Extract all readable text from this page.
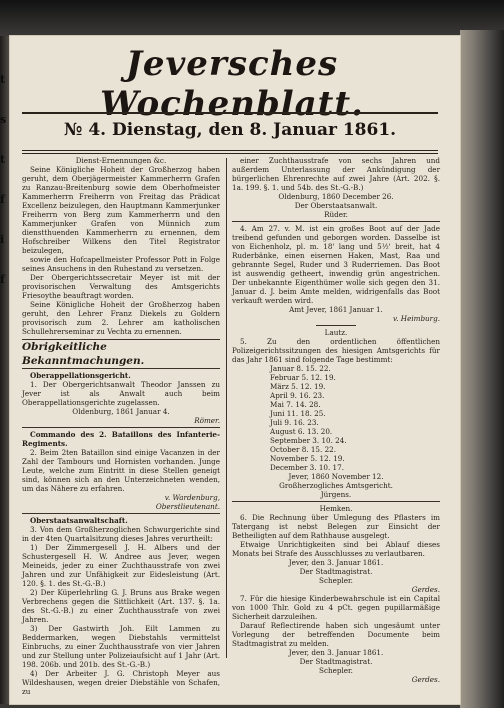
t
s
t
f
i
f
Jeversches Wochenblatt.
№ 4. Dienstag, den 8. Januar 1861.

Dienst-Ernennungen &c.

Seine Königliche Hoheit der Großherzog haben geruht, dem Oberjägermeister Kammerherrn Grafen zu Ranzau-Breitenburg sowie dem Oberhofmeister Kammerherrn Freiherrn von Freitag das Prädicat Excellenz beizulegen, den Hauptmann Kammerjunker Freiherrn von Berg zum Kammerherrn und den Kammerjunker Grafen von Münnich zum dienstthuenden Kammerherrn zu ernennen, dem Hofschreiber Wilkens den Titel Registrator beizulegen,

sowie den Hofcapellmeister Professor Pott in Folge seines Ansuchens in den Ruhestand zu versetzen.

Der Obergerichtssecretair Meyer ist mit der provisorischen Verwaltung des Amtsgerichts Friesoythe beauftragt worden.

Seine Königliche Hoheit der Großherzog haben geruht, den Lehrer Franz Diekels zu Goldern provisorisch zum 2. Lehrer am katholischen Schullehrerseminar zu Vechta zu ernennen.

Obrigkeitliche Bekanntmachungen.

Oberappellationsgericht.

1. Der Obergerichtsanwalt Theodor Janssen zu Jever ist als Anwalt auch beim Oberappellationsgerichte zugelassen.

Oldenburg, 1861 Januar 4.

Römer.

Commando des 2. Bataillons des Infanterie-Regiments.

2. Beim 2ten Bataillon sind einige Vacanzen in der Zahl der Tambours und Hornisten vorhanden. Junge Leute, welche zum Eintritt in diese Stellen geneigt sind, können sich an den Unterzeichneten wenden, um das Nähere zu erfahren.

v. Wardenburg,

Oberstlieutenant.

Oberstaatsanwaltschaft.

3. Von dem Großherzoglichen Schwurgerichte sind in der 4ten Quartalsitzung dieses Jahres verurtheilt:

1) Der Zimmergesell J. H. Albers und der Schustergesell H. W. Andree aus Jever, wegen Meineids, jeder zu einer Zuchthausstrafe von zwei Jahren und zur Unfähigkeit zur Eidesleistung (Art. 120. §. 1. des St.-G.-B.)

2) Der Küperlehrling G. J. Bruns aus Brake wegen Verbrechens gegen die Sittlichkeit (Art. 137. §. 1a. des St.-G.-B.) zu einer Zuchthausstrafe von zwei Jahren.

3) Der Gastwirth Joh. Eilt Lammen zu Beddermarken, wegen Diebstahls vermittelst Einbruchs, zu einer Zuchthausstrafe von vier Jahren und zur Stellung unter Polizeiaufsicht auf 1 Jahr (Art. 198. 206b. und 201b. des St.-G.-B.)

4) Der Arbeiter J. G. Christoph Meyer aus Wildeshausen, wegen dreier Diebstähle von Schafen, zu

einer Zuchthausstrafe von sechs Jahren und außerdem Unterlassung der Ankündigung der bürgerlichen Ehrenrechte auf zwei Jahre (Art. 202. §. 1a. 199. §. 1. und 54b. des St.-G.-B.)

Oldenburg, 1860 December 26.

Der Oberstaatsanwalt.

Rüder.

4. Am 27. v. M. ist ein großes Boot auf der Jade treibend gefunden und geborgen worden. Dasselbe ist von Eichenholz, pl. m. 18' lang und 5½' breit, hat 4 Ruderbänke, einen eisernen Haken, Mast, Raa und gebrannte Segel, Ruder und 3 Ruderriemen. Das Boot ist auswendig getheert, inwendig grün angestrichen. Der unbekannte Eigenthümer wolle sich gegen den 31. Januar d. J. beim Amte melden, widrigenfalls das Boot verkauft werden wird.

Amt Jever, 1861 Januar 1.

v. Heimburg.

Lautz.

5. Zu den ordentlichen öffentlichen Polizeigerichtssitzungen des hiesigen Amtsgerichts für das Jahr 1861 sind folgende Tage bestimmt:

Januar 8. 15. 22.
Februar 5. 12. 19.
März 5. 12. 19.
April 9. 16. 23.
Mai 7. 14. 28.
Juni 11. 18. 25.
Juli 9. 16. 23.
August 6. 13. 20.
September 3. 10. 24.
October 8. 15. 22.
November 5. 12. 19.
December 3. 10. 17.

Jever, 1860 November 12.

Großherzogliches Amtsgericht.

Jürgens.

Hemken.

6. Die Rechnung über Umlegung des Pflasters im Tatergang ist nebst Belegen zur Einsicht der Betheiligten auf dem Rathhause ausgelegt.

Etwaige Unrichtigkeiten sind bei Ablauf dieses Monats bei Strafe des Ausschlusses zu verlautbaren.

Jever, den 3. Januar 1861.

Der Stadtmagistrat.

Schepler.

Gerdes.

7. Für die hiesige Kinderbewahrschule ist ein Capital von 1000 Thlr. Gold zu 4 pCt. gegen pupillarmäßige Sicherheit darzuleihen.

Darauf Reflectirende haben sich ungesäumt unter Vorlegung der betreffenden Documente beim Stadtmagistrat zu melden.

Jever, den 3. Januar 1861.

Der Stadtmagistrat.

Schepler.

Gerdes.
